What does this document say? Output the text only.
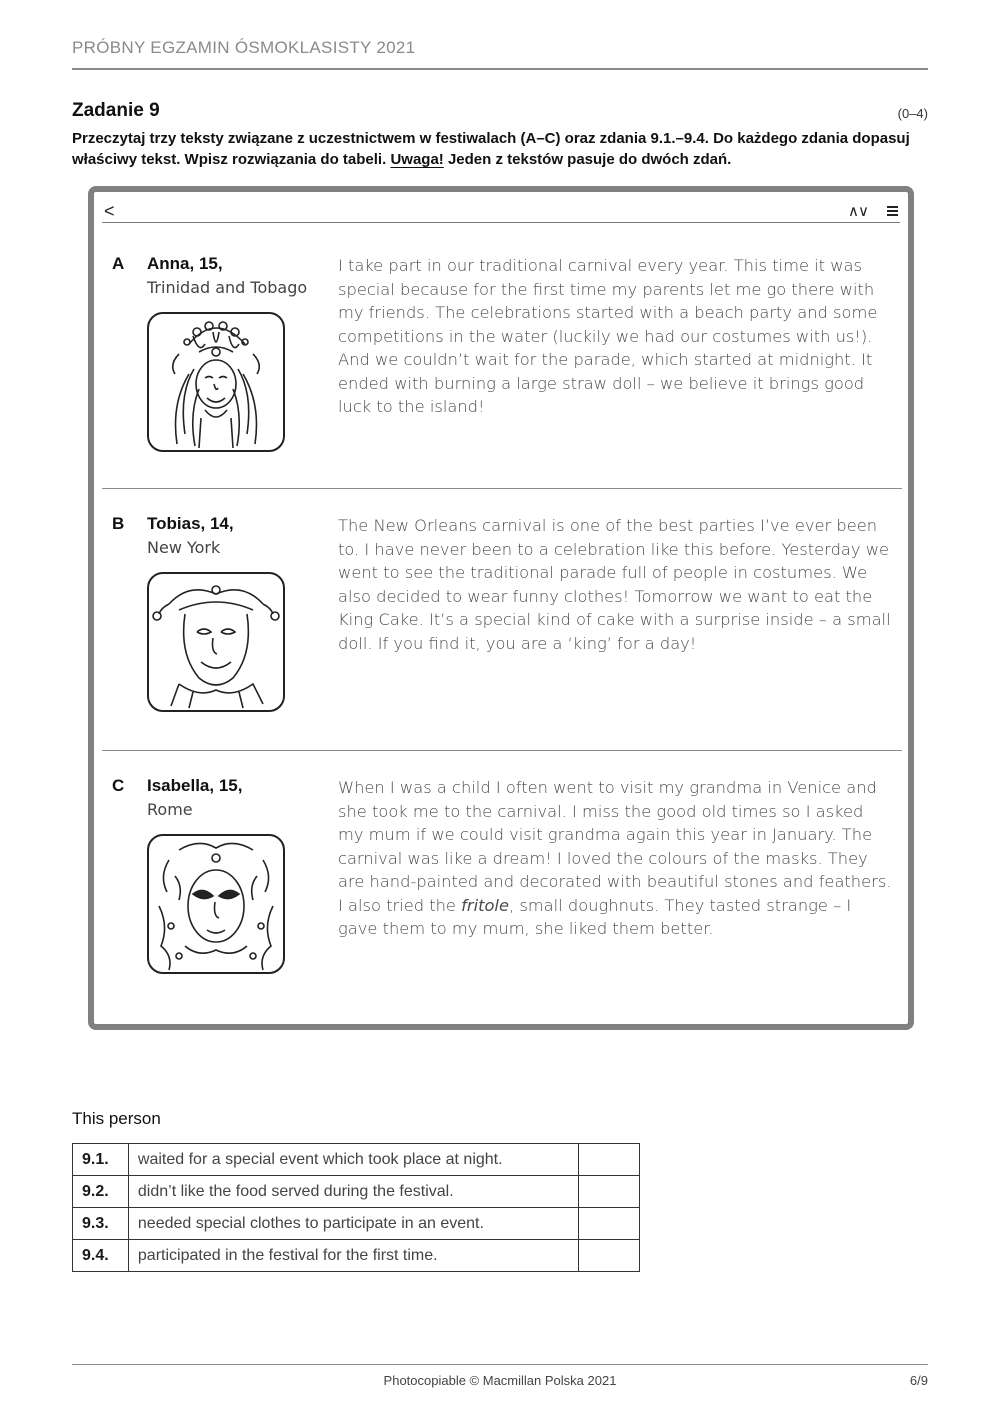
PRÓBNY EGZAMIN ÓSMOKLASISTY 2021
Zadanie 9	(0–4)
Przeczytaj trzy teksty związane z uczestnictwem w festiwalach (A–C) oraz zdania 9.1.–9.4. Do każdego zdania dopasuj właściwy tekst. Wpisz rozwiązania do tabeli. Uwaga! Jeden z tekstów pasuje do dwóch zdań.
<	∧∨
A Anna, 15,
Trinidad and Tobago
I take part in our traditional carnival every year. This time it was special because for the first time my parents let me go there with my friends. The celebrations started with a beach party and some competitions in the water (luckily we had our costumes with us!). And we couldn’t wait for the parade, which started at midnight. It ended with burning a large straw doll – we believe it brings good luck to the island!
B Tobias, 14,
New York
The New Orleans carnival is one of the best parties I’ve ever been to. I have never been to a celebration like this before. Yesterday we went to see the traditional parade full of people in costumes. We also decided to wear funny clothes! Tomorrow we want to eat the King Cake. It’s a special kind of cake with a surprise inside – a small doll. If you find it, you are a ‘king’ for a day!
C Isabella, 15,
Rome
When I was a child I often went to visit my grandma in Venice and she took me to the carnival. I miss the good old times so I asked my mum if we could visit grandma again this year in January. The carnival was like a dream! I loved the colours of the masks. They are hand-painted and decorated with beautiful stones and feathers. I also tried the fritole, small doughnuts. They tasted strange – I gave them to my mum, she liked them better.
This person
9.1.	waited for a special event which took place at night.	
9.2.	didn’t like the food served during the festival.	
9.3.	needed special clothes to participate in an event.	
9.4.	participated in the festival for the first time.	
Photocopiable © Macmillan Polska 2021	6/9
